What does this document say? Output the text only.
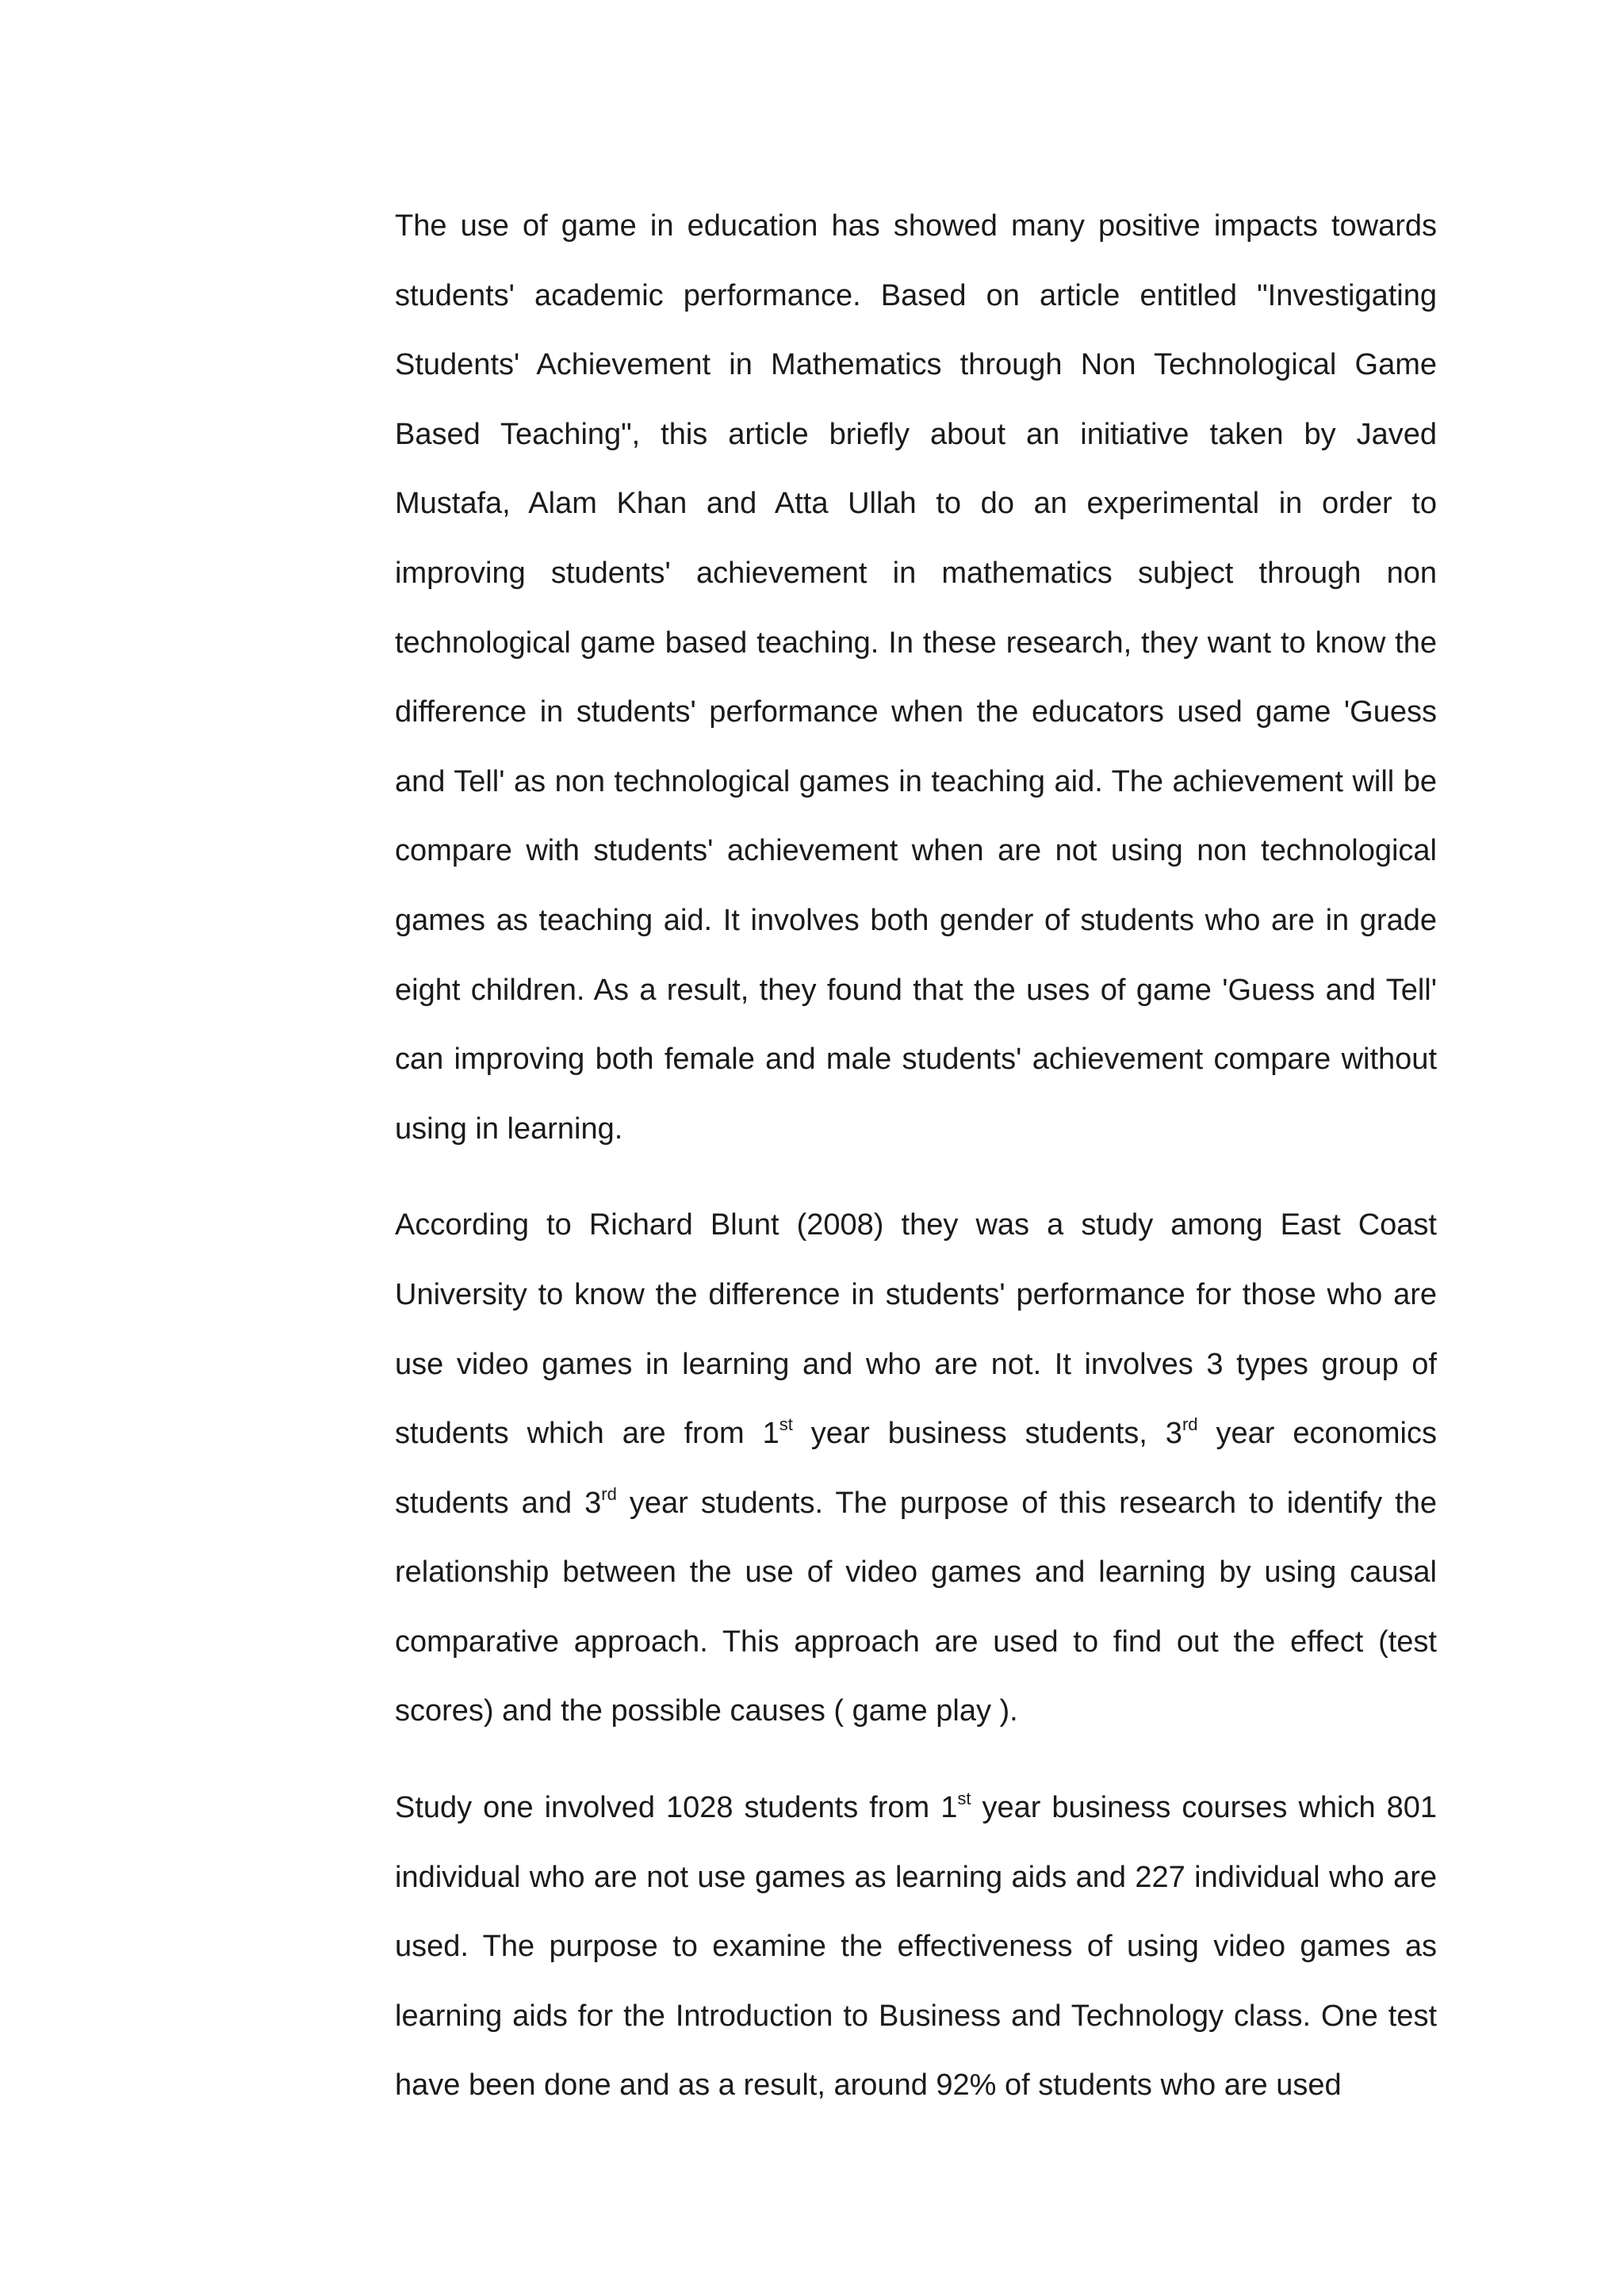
The use of game in education has showed many positive impacts towards students' academic performance. Based on article entitled "Investigating Students' Achievement in Mathematics through Non Technological Game Based Teaching", this article briefly about an initiative taken by Javed Mustafa, Alam Khan and Atta Ullah to do an experimental in order to improving students' achievement in mathematics subject through non technological game based teaching. In these research, they want to know the difference in students' performance when the educators used game 'Guess and Tell' as non technological games in teaching aid. The achievement will be compare with students' achievement when are not using non technological games as teaching aid. It involves both gender of students who are in grade eight children. As a result, they found that the uses of game 'Guess and Tell' can improving both female and male students' achievement compare without using in learning.

According to Richard Blunt (2008) they was a study among East Coast University to know the difference in students' performance for those who are use video games in learning and who are not. It involves 3 types group of students which are from 1st year business students, 3rd year economics students and 3rd year students. The purpose of this research to identify the relationship between the use of video games and learning by using causal comparative approach. This approach are used to find out the effect (test scores) and the possible causes ( game play ).

Study one involved 1028 students from 1st year business courses which 801 individual who are not use games as learning aids and 227 individual who are used. The purpose to examine the effectiveness of using video games as learning aids for the Introduction to Business and Technology class. One test have been done and as a result, around 92% of students who are used
